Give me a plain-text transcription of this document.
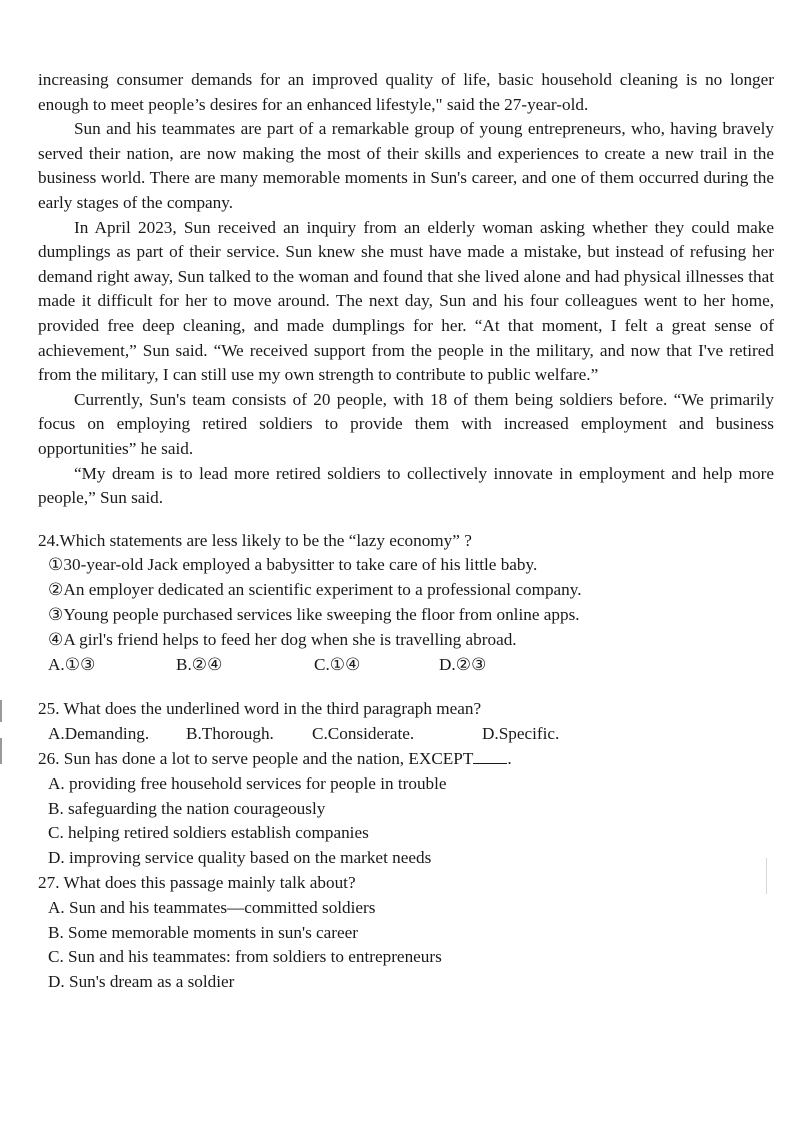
increasing consumer demands for an improved quality of life, basic household cleaning is no longer enough to meet people’s desires for an enhanced lifestyle," said the 27-year-old.

Sun and his teammates are part of a remarkable group of young entrepreneurs, who, having bravely served their nation, are now making the most of their skills and experiences to create a new trail in the business world. There are many memorable moments in Sun's career, and one of them occurred during the early stages of the company.

In April 2023, Sun received an inquiry from an elderly woman asking whether they could make dumplings as part of their service. Sun knew she must have made a mistake, but instead of refusing her demand right away, Sun talked to the woman and found that she lived alone and had physical illnesses that made it difficult for her to move around. The next day, Sun and his four colleagues went to her home, provided free deep cleaning, and made dumplings for her. “At that moment, I felt a great sense of achievement,” Sun said. “We received support from the people in the military, and now that I've retired from the military, I can still use my own strength to contribute to public welfare.”

Currently, Sun's team consists of 20 people, with 18 of them being soldiers before. “We primarily focus on employing retired soldiers to provide them with increased employment and business opportunities” he said.

“My dream is to lead more retired soldiers to collectively innovate in employment and help more people,” Sun said.

24.Which statements are less likely to be the “lazy economy” ?

①30-year-old Jack employed a babysitter to take care of his little baby.

②An employer dedicated an scientific experiment to a professional company.

③Young people purchased services like sweeping the floor from online apps.

④A girl's friend helps to feed her dog when she is travelling abroad.

A.①③	B.②④	C.①④	D.②③

25. What does the underlined word in the third paragraph mean?

A.Demanding.	B.Thorough.	C.Considerate.	D.Specific.

26. Sun has done a lot to serve people and the nation, EXCEPT .

A. providing free household services for people in trouble

B. safeguarding the nation courageously

C. helping retired soldiers establish companies

D. improving service quality based on the market needs

27. What does this passage mainly talk about?

A. Sun and his teammates—committed soldiers

B. Some memorable moments in sun's career

C. Sun and his teammates: from soldiers to entrepreneurs

D. Sun's dream as a soldier
